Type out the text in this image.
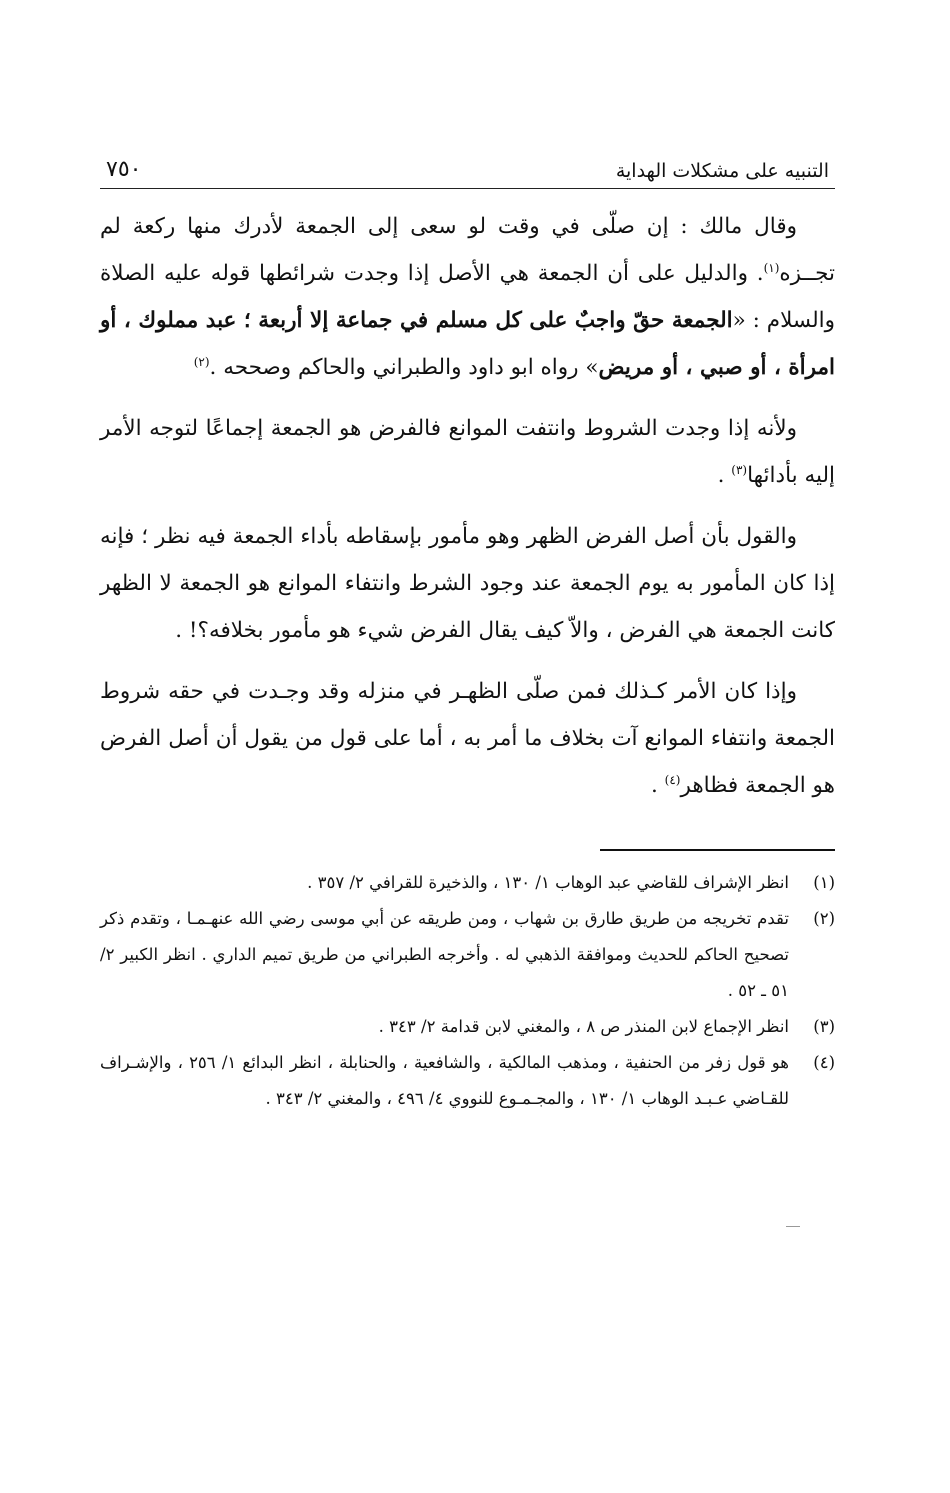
التنبيه على مشكلات الهداية
٧٥٠

وقال مالك : إن صلّى في وقت لو سعى إلى الجمعة لأدرك منها ركعة لم تجــزه$^{(١)}$. والدليل على أن الجمعة هي الأصل إذا وجدت شرائطها قوله عليه الصلاة والسلام : «الجمعة حقّ واجبٌ على كل مسلم في جماعة إلا أربعة ؛ عبد مملوك ، أو امرأة ، أو صبي ، أو مريض» رواه ابو داود والطبراني والحاكم وصححه .$^{(٢)}$

ولأنه إذا وجدت الشروط وانتفت الموانع فالفرض هو الجمعة إجماعًا لتوجه الأمر إليه بأدائها$^{(٣)}$ .

والقول بأن أصل الفرض الظهر وهو مأمور بإسقاطه بأداء الجمعة فيه نظر ؛ فإنه إذا كان المأمور به يوم الجمعة عند وجود الشرط وانتفاء الموانع هو الجمعة لا الظهر كانت الجمعة هي الفرض ، والاّ كيف يقال الفرض شيء هو مأمور بخلافه؟! .

وإذا كان الأمر كـذلك فمن صلّى الظهـر في منزله وقد وجـدت في حقه شروط الجمعة وانتفاء الموانع آت بخلاف ما أمر به ، أما على قول من يقول أن أصل الفرض هو الجمعة فظاهر$^{(٤)}$ .

(١)
انظر الإشراف للقاضي عبد الوهاب ١/ ١٣٠ ، والذخيرة للقرافي ٢/ ٣٥٧ .
(٢)
تقدم تخريجه من طريق طارق بن شهاب ، ومن طريقه عن أبي موسى رضي الله عنهـمـا ، وتقدم ذكر تصحيح الحاكم للحديث وموافقة الذهبي له . وأخرجه الطبراني من طريق تميم الداري . انظر الكبير ٢/ ٥١ ـ ٥٢ .
(٣)
انظر الإجماع لابن المنذر ص ٨ ، والمغني لابن قدامة ٢/ ٣٤٣ .
(٤)
هو قول زفر من الحنفية ، ومذهب المالكية ، والشافعية ، والحنابلة ، انظر البدائع ١/ ٢٥٦ ، والإشـراف للقـاضي عـبـد الوهاب ١/ ١٣٠ ، والمجـمـوع للنووي ٤/ ٤٩٦ ، والمغني ٢/ ٣٤٣ .
